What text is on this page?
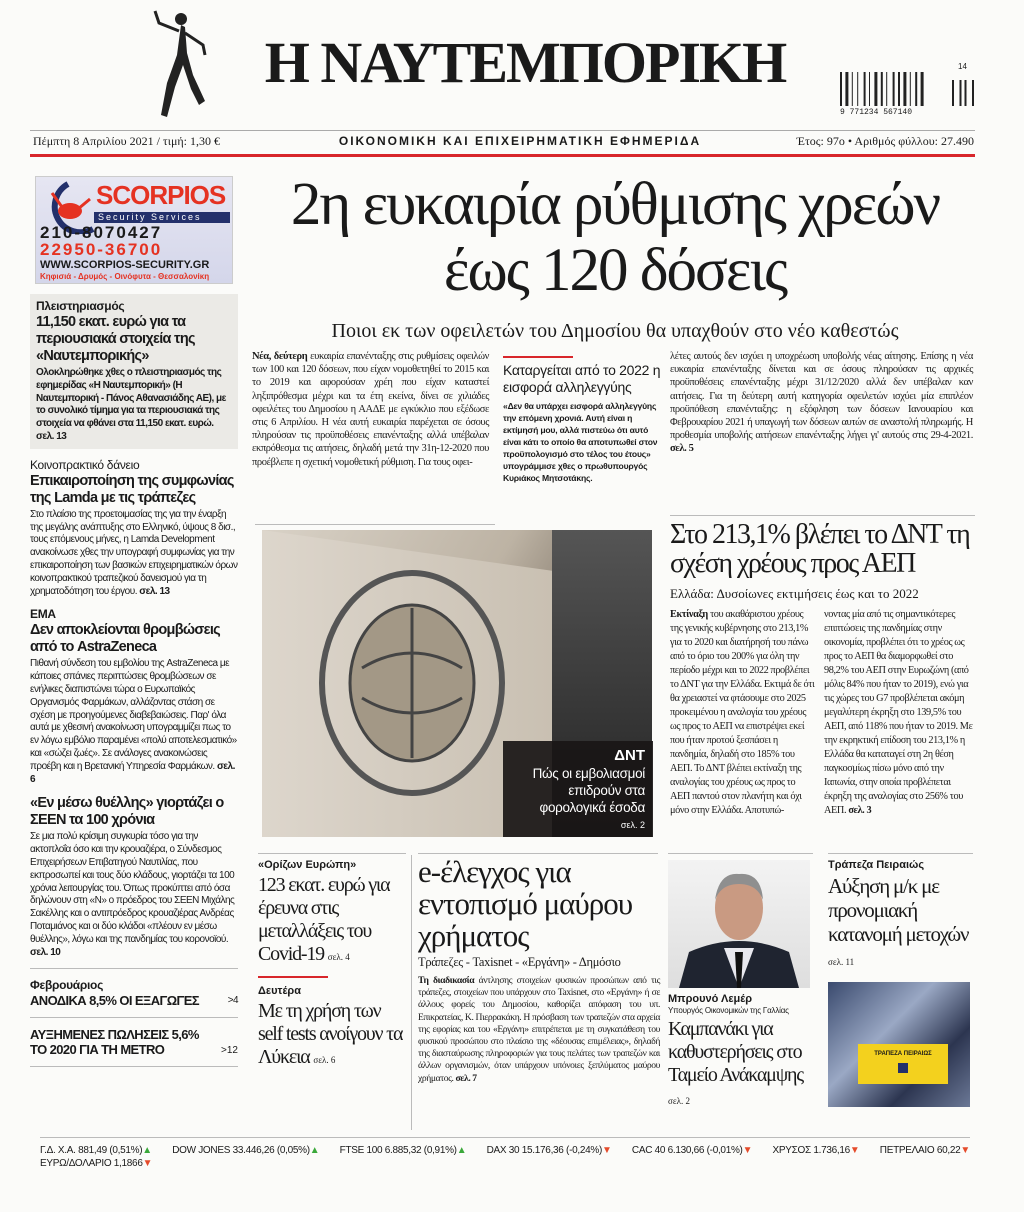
Η ΝΑΥΤΕΜΠΟΡΙΚΗ
9 771234 567140
14
Πέμπτη 8 Απριλίου 2021 / τιμή: 1,30 €	ΟΙΚΟΝΟΜΙΚΗ ΚΑΙ ΕΠΙΧΕΙΡΗΜΑΤΙΚΗ ΕΦΗΜΕΡΙΔΑ	Έτος: 97ο • Αριθμός φύλλου: 27.490
SCORPIOS
Security Services
210-8070427
22950-36700
WWW.SCORPIOS-SECURITY.GR
Κηφισιά - Δρυμός - Οινόφυτα - Θεσσαλονίκη
Πλειστηριασμός
11,150 εκατ. ευρώ για τα περιουσιακά στοιχεία της «Ναυτεμπορικής»
Ολοκληρώθηκε χθες ο πλειστηριασμός της εφημερίδας «Η Ναυτεμπορική» (Η Ναυτεμπορική - Πάνος Αθανασιάδης ΑΕ), με το συνολικό τίμημα για τα περιουσιακά της στοιχεία να φθάνει στα 11,150 εκατ. ευρώ. σελ. 13
Κοινοπρακτικό δάνειο
Επικαιροποίηση της συμφωνίας της Lamda με τις τράπεζες
Στο πλαίσιο της προετοιμασίας της για την έναρξη της μεγάλης ανάπτυξης στο Ελληνικό, ύψους 8 δισ., τους επόμενους μήνες, η Lamda Development ανακοίνωσε χθες την υπογραφή συμφωνίας για την επικαιροποίηση των βασικών επιχειρηματικών όρων κοινοπρακτικού τραπεζικού δανεισμού για τη χρηματοδότηση του έργου. σελ. 13
ΕΜΑ
Δεν αποκλείονται θρομβώσεις από το AstraZeneca
Πιθανή σύνδεση του εμβολίου της AstraZeneca με κάποιες σπάνιες περιπτώσεις θρομβώσεων σε ενήλικες διαπιστώνει τώρα ο Ευρωπαϊκός Οργανισμός Φαρμάκων, αλλάζοντας στάση σε σχέση με προηγούμενες διαβεβαιώσεις. Παρ' όλα αυτά με χθεσινή ανακοίνωση υπογραμμίζει πως το εν λόγω εμβόλιο παραμένει «πολύ αποτελεσματικό» και «σώζει ζωές». Σε ανάλογες ανακοινώσεις προέβη και η Βρετανική Υπηρεσία Φαρμάκων. σελ. 6
«Εν μέσω θυέλλης» γιορτάζει ο ΣΕΕΝ τα 100 χρόνια
Σε μια πολύ κρίσιμη συγκυρία τόσο για την ακτοπλοΐα όσο και την κρουαζιέρα, ο Σύνδεσμος Επιχειρήσεων Επιβατηγού Ναυτιλίας, που εκπροσωπεί και τους δύο κλάδους, γιορτάζει τα 100 χρόνια λειτουργίας του. Όπως προκύπτει από όσα δηλώνουν στη «Ν» ο πρόεδρος του ΣΕΕΝ Μιχάλης Σακέλλης και ο αντιπρόεδρος κρουαζιέρας Ανδρέας Ποταμιάνος και οι δύο κλάδοι «πλέουν εν μέσω θυέλλης», λόγω και της πανδημίας του κορονοϊού. σελ. 10
Φεβρουάριος
ΑΝΟΔΙΚΑ 8,5% ΟΙ ΕΞΑΓΩΓΕΣ	>4
ΑΥΞΗΜΕΝΕΣ ΠΩΛΗΣΕΙΣ 5,6% ΤΟ 2020 ΓΙΑ ΤΗ METRO	>12
2η ευκαιρία ρύθμισης χρεών έως 120 δόσεις
Ποιοι εκ των οφειλετών του Δημοσίου θα υπαχθούν στο νέο καθεστώς
Νέα, δεύτερη ευκαιρία επανένταξης στις ρυθμίσεις οφειλών των 100 και 120 δόσεων, που είχαν νομοθετηθεί το 2015 και το 2019 και αφορούσαν χρέη που είχαν καταστεί ληξιπρόθεσμα μέχρι και τα έτη εκείνα, δίνει σε χιλιάδες οφειλέτες του Δημοσίου η ΑΑΔΕ με εγκύκλιο που εξέδωσε στις 6 Απριλίου. Η νέα αυτή ευκαιρία παρέχεται σε όσους πληρούσαν τις προϋποθέσεις επανένταξης αλλά υπέβαλαν εκπρόθεσμα τις αιτήσεις, δηλαδή μετά την 31η-12-2020 που προέβλεπε η σχετική νομοθετική ρύθμιση. Για τους οφει-
Καταργείται από το 2022 η εισφορά αλληλεγγύης
«Δεν θα υπάρχει εισφορά αλληλεγγύης την επόμενη χρονιά. Αυτή είναι η εκτίμησή μου, αλλά πιστεύω ότι αυτό είναι κάτι το οποίο θα αποτυπωθεί στον προϋπολογισμό στο τέλος του έτους» υπογράμμισε χθες ο πρωθυπουργός Κυριάκος Μητσοτάκης.
λέτες αυτούς δεν ισχύει η υποχρέωση υποβολής νέας αίτησης. Επίσης η νέα ευκαιρία επανένταξης δίνεται και σε όσους πληρούσαν τις αρχικές προϋποθέσεις επανένταξης μέχρι 31/12/2020 αλλά δεν υπέβαλαν καν αιτήσεις. Για τη δεύτερη αυτή κατηγορία οφειλετών ισχύει μία επιπλέον προϋπόθεση επανένταξης: η εξόφληση των δόσεων Ιανουαρίου και Φεβρουαρίου 2021 ή υπαγωγή των δόσεων αυτών σε αναστολή πληρωμής. Η προθεσμία υποβολής αιτήσεων επανένταξης λήγει γι' αυτούς στις 29-4-2021. σελ. 5
ΔΝΤ
Πώς οι εμβολιασμοί επιδρούν στα φορολογικά έσοδα
σελ. 2
Στο 213,1% βλέπει το ΔΝΤ τη σχέση χρέους προς ΑΕΠ
Ελλάδα: Δυσοίωνες εκτιμήσεις έως και το 2022
Εκτίναξη του ακαθάριστου χρέους της γενικής κυβέρνησης στο 213,1% για το 2020 και διατήρησή του πάνω από το όριο του 200% για όλη την περίοδο μέχρι και το 2022 προβλέπει το ΔΝΤ για την Ελλάδα. Εκτιμά δε ότι θα χρειαστεί να φτάσουμε στο 2025 προκειμένου η αναλογία του χρέους ως προς το ΑΕΠ να επιστρέψει εκεί που ήταν προτού ξεσπάσει η πανδημία, δηλαδή στο 185% του ΑΕΠ. Το ΔΝΤ βλέπει εκτίναξη της αναλογίας του χρέους ως προς το ΑΕΠ παντού στον πλανήτη και όχι μόνο στην Ελλάδα. Αποτυπώ-
νοντας μία από τις σημαντικότερες επιπτώσεις της πανδημίας στην οικονομία, προβλέπει ότι το χρέος ως προς το ΑΕΠ θα διαμορφωθεί στο 98,2% του ΑΕΠ στην Ευρωζώνη (από μόλις 84% που ήταν το 2019), ενώ για τις χώρες του G7 προβλέπεται ακόμη μεγαλύτερη έκρηξη στο 139,5% του ΑΕΠ, από 118% που ήταν το 2019. Με την εκρηκτική επίδοση του 213,1% η Ελλάδα θα καταταγεί στη 2η θέση παγκοσμίως πίσω μόνο από την Ιαπωνία, στην οποία προβλέπεται έκρηξη της αναλογίας στο 256% του ΑΕΠ. σελ. 3
«Ορίζων Ευρώπη»
123 εκατ. ευρώ για έρευνα στις μεταλλάξεις του Covid-19 σελ. 4
Δευτέρα
Με τη χρήση των self tests ανοίγουν τα Λύκεια σελ. 6
e-έλεγχος για εντοπισμό μαύρου χρήματος
Τράπεζες - Taxisnet - «Εργάνη» - Δημόσιο
Τη διαδικασία άντλησης στοιχείων φυσικών προσώπων από τις τράπεζες, στοιχείων που υπάρχουν στο Taxisnet, στο «Εργάνη» ή σε άλλους φορείς του Δημοσίου, καθορίζει απόφαση του υπ. Επικρατείας, Κ. Πιερρακάκη. Η πρόσβαση των τραπεζών στα αρχεία της εφορίας και του «Εργάνη» επιτρέπεται με τη συγκατάθεση του φυσικού προσώπου στο πλαίσιο της «δέουσας επιμέλειας», δηλαδή της διασταύρωσης πληροφοριών για τους πελάτες των τραπεζών και άλλων οργανισμών, όταν υπάρχουν υπόνοιες ξεπλύματος μαύρου χρήματος. σελ. 7
Μπρουνό Λεμέρ
Υπουργός Οικονομικών της Γαλλίας
Καμπανάκι για καθυστερήσεις στο Ταμείο Ανάκαμψης σελ. 2
Τράπεζα Πειραιώς
Αύξηση μ/κ με προνομιακή κατανομή μετοχών σελ. 11
ΤΡΑΠΕΖΑ ΠΕΙΡΑΙΩΣ
Γ.Δ. Χ.Α. 881,49 (0,51%)▲ DOW JONES 33.446,26 (0,05%)▲ FTSE 100 6.885,32 (0,91%)▲ DAX 30 15.176,36 (-0,24%)▼ CAC 40 6.130,66 (-0,01%)▼ ΧΡΥΣΟΣ 1.736,16▼ ΠΕΤΡΕΛΑΙΟ 60,22▼
ΕΥΡΩ/ΔΟΛΑΡΙΟ 1,1866▼
